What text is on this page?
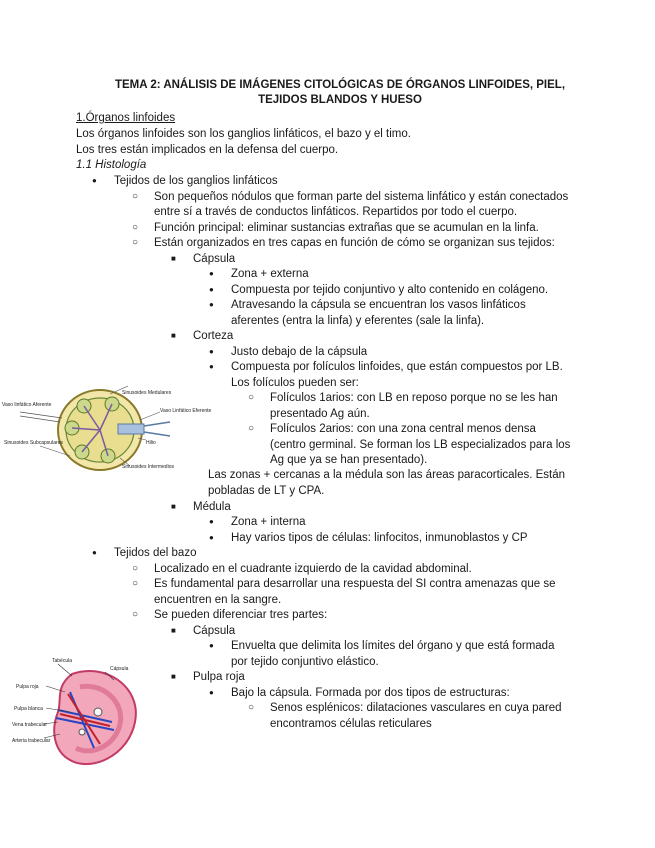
TEMA 2: ANÁLISIS DE IMÁGENES CITOLÓGICAS DE ÓRGANOS LINFOIDES, PIEL,
TEJIDOS BLANDOS Y HUESO
1.Órganos linfoides
Los órganos linfoides son los ganglios linfáticos, el bazo y el timo.
Los tres están implicados en la defensa del cuerpo.
1.1 Histología
● Tejidos de los ganglios linfáticos
○ Son pequeños nódulos que forman parte del sistema linfático y están conectados
entre sí a través de conductos linfáticos. Repartidos por todo el cuerpo.
○ Función principal: eliminar sustancias extrañas que se acumulan en la linfa.
○ Están organizados en tres capas en función de cómo se organizan sus tejidos:
■ Cápsula
● Zona + externa
● Compuesta por tejido conjuntivo y alto contenido en colágeno.
● Atravesando la cápsula se encuentran los vasos linfáticos
aferentes (entra la linfa) y eferentes (sale la linfa).
■ Corteza
● Justo debajo de la cápsula
● Compuesta por folículos linfoides, que están compuestos por LB.
Los folículos pueden ser:
○ Folículos 1arios: con LB en reposo porque no se les han
presentado Ag aún.
○ Folículos 2arios: con una zona central menos densa
(centro germinal. Se forman los LB especializados para los
Ag que ya se han presentado).
Las zonas + cercanas a la médula son las áreas paracorticales. Están
pobladas de LT y CPA.
■ Médula
● Zona + interna
● Hay varios tipos de células: linfocitos, inmunoblastos y CP
● Tejidos del bazo
○ Localizado en el cuadrante izquierdo de la cavidad abdominal.
○ Es fundamental para desarrollar una respuesta del SI contra amenazas que se
encuentren en la sangre.
○ Se pueden diferenciar tres partes:
■ Cápsula
● Envuelta que delimita los límites del órgano y que está formada
por tejido conjuntivo elástico.
■ Pulpa roja
● Bajo la cápsula. Formada por dos tipos de estructuras:
○ Senos esplénicos: dilataciones vasculares en cuya pared
encontramos células reticulares
Vaso linfático Aferente
Sinusoides Subcapsulares
Sinusoides Medulares
Vaso Linfático Eferente
Hilio
Sinusoides Intermedios
Tabécula
Cápsula
Pulpa roja
Pulpa blanca
Vena trabecular
Arteria trabecular
